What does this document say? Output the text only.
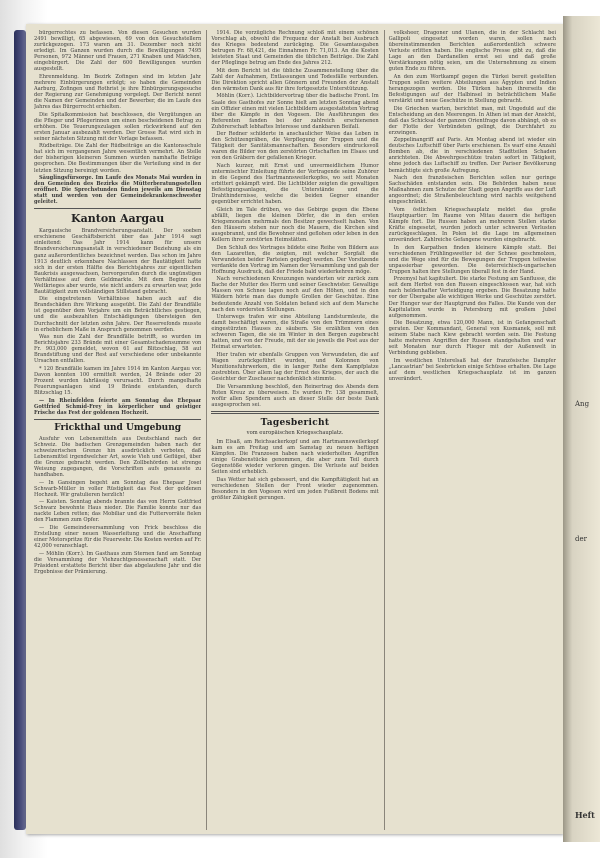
bürgerrechtes zu befassen. Von diesen Gesuchen wurden 2491 bewilligt, 65 abgewiesen, 69 von den Gesuchstellern zurückgezogen. 173 waren am 31. Dezember noch nicht erledigt. Im Ganzen wurden durch die Bewilligungen 7495 Personen, 972 Männer und Frauen, 271 Knaben und Mädchen, eingebürgert. Die Zahl der 600 Bewilligungen wurden ausgestellt.

Ehrenmeldung. Im Bezirk Zofingen sind im letzten Jahr mehrere Einbürgerungen erfolgt; so haben die Gemeinden Aarburg, Zofingen und Rothrist je ihre Einbürgerungsgesuche der Regierung zur Genehmigung vorgelegt. Der Bericht nennt die Namen der Gemeinden und der Bewerber, die im Laufe des Jahres das Bürgerrecht erhielten.

Die Spitalkommission hat beschlossen, die Vergütungen an die Pfleger und Pflegerinnen um einen bescheidenen Betrag zu erhöhen. Die Teuerungszulagen sollen rückwirkend auf den ersten Januar ausbezahlt werden. Der Grosse Rat wird sich in seiner nächsten Sitzung mit der Vorlage befassen.

Rüdbeiträge. Die Zahl der Rüdbeiträge an die Kantonsschule hat sich im vergangenen Jahre wesentlich vermehrt. An Stelle der bisherigen kleineren Summen wurden namhafte Beträge gesprochen. Die Bestimmungen über die Verteilung sind in der letzten Sitzung bereinigt worden.

Säuglingsfürsorge. Im Laufe des Monats Mai wurden in den Gemeinden des Bezirks die Mütterberatungsstellen eröffnet. Die Sprechstunden finden jeweils am Dienstag statt und werden von der Gemeindekrankenschwester geleitet.

Kanton Aargau

Kargauische Brandversicherungsanstalt. Der soeben erschienene Geschäftsbericht über das Jahr 1914 sagt einleitend: Das Jahr 1914 kann für unsere Brandversicherungsanstalt in verschiedener Beziehung als ein ganz außerordentliches bezeichnet werden. Das schon im Jahre 1913 deutlich erkennbare Nachlassen der Bautätigkeit hatte sich in der ersten Hälfte des Berichtsjahres zur eigentlichen Baukrisis ausgewachsen, hervorgerufen durch die ungünstigen Verhältnisse auf dem Geldmarkte. Mit dem Beginn des Weltkrieges aber wurde, wie nicht anders zu erwarten war, jede Bautätigkeit zum vollständigen Stillstand gebracht.

Die eingetretenen Verhältnisse haben auch auf die Brandschäden ihre Wirkung ausgeübt. Die Zahl der Brandfälle ist gegenüber dem Vorjahre um ein Beträchtliches gestiegen, und die ausbezahlten Entschädigungen übersteigen den Durchschnitt der letzten zehn Jahre. Der Reservefonds musste in erheblichem Maße in Anspruch genommen werden.

Was nun die Zahl der Brandfälle betrifft, so wurden im Berichtsjahre 233 Brände mit einer Gesamtschadensumme von Fr. 903,000 gemeldet, wovon 61 auf Blitzschlag, 58 auf Brandstiftung und der Rest auf verschiedene oder unbekannte Ursachen entfallen.

* 120 Brandfälle kamen im Jahre 1914 im Kanton Aargau vor. Davon konnten 100 ermittelt werden, 24 Brände oder 20 Prozent wurden fahrlässig verursacht. Durch mangelhafte Feuerungsanlagen sind 19 Brände entstanden, durch Blitzschlag 15.

— In Rheinfelden feierte am Sonntag das Ehepaar Gottfried Schmid-Frey in körperlicher und geistiger Frische das Fest der goldenen Hochzeit.

Frickthal und Umgebung

Ausfuhr von Lebensmitteln aus Deutschland nach der Schweiz. Die badischen Grenzgemeinden haben nach der schweizerischen Grenze hin ausdrücklich verboten, daß Lebensmittel irgendwelcher Art, sowie Vieh und Geflügel, über die Grenze gebracht werden. Den Zollbehörden ist strenge Weisung zugegangen, die Vorschriften aufs genaueste zu handhaben.

— In Gansingen begeht am Sonntag das Ehepaar Josef Schwarb-Müller in voller Rüstigkeit das Fest der goldenen Hochzeit. Wir gratulieren herzlich!

— Kaisten. Sonntag abends brannte das von Herrn Gottfried Schwarz bewohnte Haus nieder. Die Familie konnte nur das nackte Leben retten; das Mobiliar und die Futtervorräte fielen den Flammen zum Opfer.

— Die Gemeindeversammlung von Frick beschloss die Erstellung einer neuen Wasserleitung und die Anschaffung einer Motorspritze für die Feuerwehr. Die Kosten werden auf Fr. 42,000 veranschlagt.

— Möhlin (Korr.). Im Gasthaus zum Sternen fand am Sonntag die Versammlung der Viehzuchtgenossenschaft statt. Der Präsident erstattete Bericht über das abgelaufene Jahr und die Ergebnisse der Prämierung.

1914. Die vorzügliche Rechnung schloß mit einem schönen Vorschlag ab, obwohl die Frequenz der Anstalt bei Ausbruch des Krieges bedeutend zurückging. Die Gesamtausgaben betrugen Fr. 68,421, die Einnahmen Fr. 71,013. An die Kosten leisteten Staat und Gemeinden die üblichen Beiträge. Die Zahl der Pfleglinge betrug am Ende des Jahres 212.

Mit dem Bericht ist die übliche Zusammenstellung über die Zahl der Aufnahmen, Entlassungen und Todesfälle verbunden. Die Direktion spricht allen Gönnern und Freunden der Anstalt den wärmsten Dank aus für ihre fortgesetzte Unterstützung.

Möhlin (Korr.). Lichtbildervortrag über die badische Front. Im Saale des Gasthofes zur Sonne hielt am letzten Sonntag abend ein Offizier einen mit vielen Lichtbildern ausgestatteten Vortrag über die Kämpfe in den Vogesen. Die Ausführungen des Referenten fanden bei der zahlreich erschienenen Zuhörerschaft lebhaftes Interesse und dankbaren Beifall.

Der Redner schilderte in anschaulicher Weise das Leben in den Schützengräben, die Verpflegung der Truppen und die Tätigkeit der Sanitätsmannschaften. Besonders eindrucksvoll waren die Bilder von den zerstörten Ortschaften im Elsass und von den Gräbern der gefallenen Krieger.

Nach kurzer, mit Ernst und unvermeidlichem Humor untermischter Einleitung führte der Vortragende seine Zuhörer in die Gegend des Hartmannsweilerkopfes, wo seit Monaten erbittert gekämpft wird. Die Lichtbilder zeigten die gewaltigen Befestigungsanlagen, die Unterstände und die Drahthindernisse, welche die beiden Gegner einander gegenüber errichtet haben.

Gleich im Tale drüben, wo das Gebirge gegen die Ebene abfällt, liegen die kleinen Dörfer, die in den ersten Kriegsmonaten mehrmals den Besitzer gewechselt haben. Von den Häusern stehen nur noch die Mauern, die Kirchen sind ausgebrannt, und die Bewohner sind geflohen oder leben in den Kellern ihrer zerstörten Heimstätten.

Den Schluß des Vortrages bildete eine Reihe von Bildern aus den Lazaretten, die zeigten, mit welcher Sorgfalt die Verwundeten beider Parteien gepflegt werden. Der Vorsitzende verdankte den Vortrag im Namen der Versammlung und gab der Hoffnung Ausdruck, daß der Friede bald wiederkehren möge.

Nach verschiedenen Kreuzungen wanderten wir zurück zum Bache der Mutter des Herrn und seiner Geschwister. Gewaltige Massen von Schnee lagen noch auf den Höhen, und in den Wäldern hörte man das dumpfe Grollen der Geschütze. Eine bedeutende Anzahl von Soldaten befand sich auf dem Marsche nach den vordersten Stellungen.

Unterwegs trafen wir eine Abteilung Landsturmleute, die damit beschäftigt waren, die Straße von den Trümmern eines eingestürzten Hauses zu säubern. Sie erzählten von den schweren Tagen, die sie im Winter in den Bergen zugebracht hatten, und von der Freude, mit der sie jeweils die Post aus der Heimat erwarteten.

Hier trafen wir ebenfalls Gruppen von Verwundeten, die auf Wagen zurückgeführt wurden, und Kolonnen von Munitionsfuhrwerken, die in langer Reihe dem Kampfplatze zustrebten. Über allem lag der Ernst des Krieges, der auch die Gesichter der Zuschauer nachdenklich stimmte.

Die Versammlung beschloß, den Reinertrag des Abends dem Roten Kreuz zu überweisen. Es wurden Fr. 138 gesammelt, wofür allen Spendern auch an dieser Stelle der beste Dank ausgesprochen sei.

Tagesbericht
vom europäischen Kriegsschauplatz.

Im Elsaß, am Reichsackerkopf und am Hartmannsweilerkopf kam es am Freitag und am Samstag zu neuen heftigen Kämpfen. Die Franzosen haben nach wiederholten Angriffen einige Grabenstücke genommen, die aber zum Teil durch Gegenstöße wieder verloren gingen. Die Verluste auf beiden Seiten sind erheblich.

Das Wetter hat sich gebessert, und die Kampftätigkeit hat an verschiedenen Stellen der Front wieder zugenommen. Besonders in den Vogesen wird um jeden Fußbreit Bodens mit größter Zähigkeit gerungen.

volksheer, Dragoner und Ulanen, die in der Schlacht bei Gallipoli eingesetzt worden waren, sollen nach übereinstimmenden Berichten außerordentlich schwere Verluste erlitten haben. Die englische Presse gibt zu, daß die Lage an den Dardanellen ernst sei und daß große Verstärkungen nötig seien, um die Unternehmung zu einem guten Ende zu führen.

An den zum Wortkampf gegen die Türkei bereit gestellten Truppen sollen weitere Abteilungen aus Ägypten und Indien herangezogen werden. Die Türken haben ihrerseits die Befestigungen auf der Halbinsel in beträchtlichem Maße verstärkt und neue Geschütze in Stellung gebracht.

Die Griechen warten, berichtet man, mit Ungeduld auf die Entscheidung an den Meerengen. In Athen ist man der Ansicht, daß das Schicksal der ganzen Orientfrage davon abhängt, ob es der Flotte der Verbündeten gelingt, die Durchfahrt zu erzwingen.

Zeppelinangriff auf Paris. Am Montag abend ist wieder ein deutsches Luftschiff über Paris erschienen. Es warf eine Anzahl Bomben ab, die in verschiedenen Stadtteilen Schaden anrichteten. Die Abwehrgeschütze traten sofort in Tätigkeit, ohne jedoch das Luftschiff zu treffen. Der Pariser Bevölkerung bemächtigte sich große Aufregung.

Nach den französischen Berichten sollen nur geringe Sachschäden entstanden sein. Die Behörden haben neue Maßnahmen zum Schutze der Stadt gegen Angriffe aus der Luft angeordnet; die Straßenbeleuchtung wird nachts weitgehend eingeschränkt.

Vom östlichen Kriegsschauplatz meldet das große Hauptquartier: Im Raume von Mitau dauern die heftigen Kämpfe fort. Die Russen haben an mehreren Stellen starke Kräfte eingesetzt, wurden jedoch unter schweren Verlusten zurückgeschlagen. In Polen ist die Lage im allgemeinen unverändert. Zahlreiche Gefangene wurden eingebracht.

In den Karpathen finden kleinere Kämpfe statt. Bei verschiedenen Frühlingswetter ist der Schnee geschmolzen, und die Wege sind für die Bewegungen der Truppen teilweise unpassierbar geworden. Die österreichisch-ungarischen Truppen halten ihre Stellungen überall fest in der Hand.

Przemysl hat kapituliert. Die starke Festung am Sanflusse, die seit dem Herbst von den Russen eingeschlossen war, hat sich nach heldenhafter Verteidigung ergeben. Die Besatzung hatte vor der Übergabe alle wichtigen Werke und Geschütze zerstört. Der Hunger war der Hauptgrund des Falles. Die Kunde von der Kapitulation wurde in Petersburg mit großem Jubel aufgenommen.

Die Besatzung, etwa 120,000 Mann, ist in Gefangenschaft geraten. Der Kommandant, General von Kusmanek, soll mit seinem Stabe nach Kiew gebracht worden sein. Die Festung hatte mehreren Angriffen der Russen standgehalten und war seit Monaten nur durch Flieger mit der Außenwelt in Verbindung geblieben.

Im westlichen Unterelsaß hat der französische Dampfer „Lancastrian" bei Seebrücken einige Schüsse erhalten. Die Lage auf dem westlichen Kriegsschauplatz ist im ganzen unverändert.

Ang
der
Heft
